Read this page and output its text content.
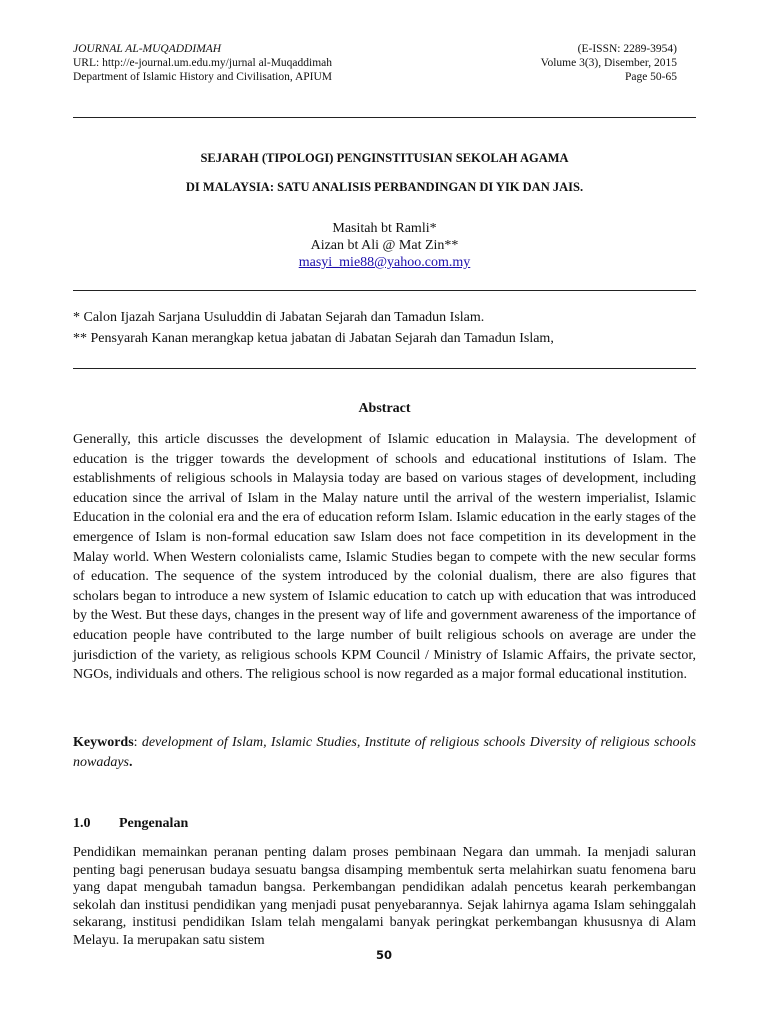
JOURNAL AL-MUQADDIMAH	(E-ISSN: 2289-3954)
URL: http://e-journal.um.edu.my/jurnal al-Muqaddimah	Volume 3(3), Disember, 2015
Department of Islamic History and Civilisation, APIUM	Page 50-65
SEJARAH (TIPOLOGI) PENGINSTITUSIAN SEKOLAH AGAMA
DI MALAYSIA: SATU ANALISIS PERBANDINGAN DI YIK DAN JAIS.
Masitah bt Ramli*
Aizan bt Ali @ Mat Zin**
masyi_mie88@yahoo.com.my
* Calon Ijazah Sarjana Usuluddin di Jabatan Sejarah dan Tamadun Islam.
** Pensyarah Kanan merangkap ketua jabatan di Jabatan Sejarah dan Tamadun Islam,
Abstract
Generally, this article discusses the development of Islamic education in Malaysia. The development of education is the trigger towards the development of schools and educational institutions of Islam. The establishments of religious schools in Malaysia today are based on various stages of development, including education since the arrival of Islam in the Malay nature until the arrival of the western imperialist, Islamic Education in the colonial era and the era of education reform Islam. Islamic education in the early stages of the emergence of Islam is non-formal education saw Islam does not face competition in its development in the Malay world. When Western colonialists came, Islamic Studies began to compete with the new secular forms of education. The sequence of the system introduced by the colonial dualism, there are also figures that scholars began to introduce a new system of Islamic education to catch up with education that was introduced by the West. But these days, changes in the present way of life and government awareness of the importance of education people have contributed to the large number of built religious schools on average are under the jurisdiction of the variety, as religious schools KPM Council / Ministry of Islamic Affairs, the private sector, NGOs, individuals and others. The religious school is now regarded as a major formal educational institution.
Keywords: development of Islam, Islamic Studies, Institute of religious schools Diversity of religious schools nowadays.
1.0 Pengenalan
Pendidikan memainkan peranan penting dalam proses pembinaan Negara dan ummah. Ia menjadi saluran penting bagi penerusan budaya sesuatu bangsa disamping membentuk serta melahirkan suatu fenomena baru yang dapat mengubah tamadun bangsa. Perkembangan pendidikan adalah pencetus kearah perkembangan sekolah dan institusi pendidikan yang menjadi pusat penyebarannya. Sejak lahirnya agama Islam sehinggalah sekarang, institusi pendidikan Islam telah mengalami banyak peringkat perkembangan khususnya di Alam Melayu. Ia merupakan satu sistem
50
